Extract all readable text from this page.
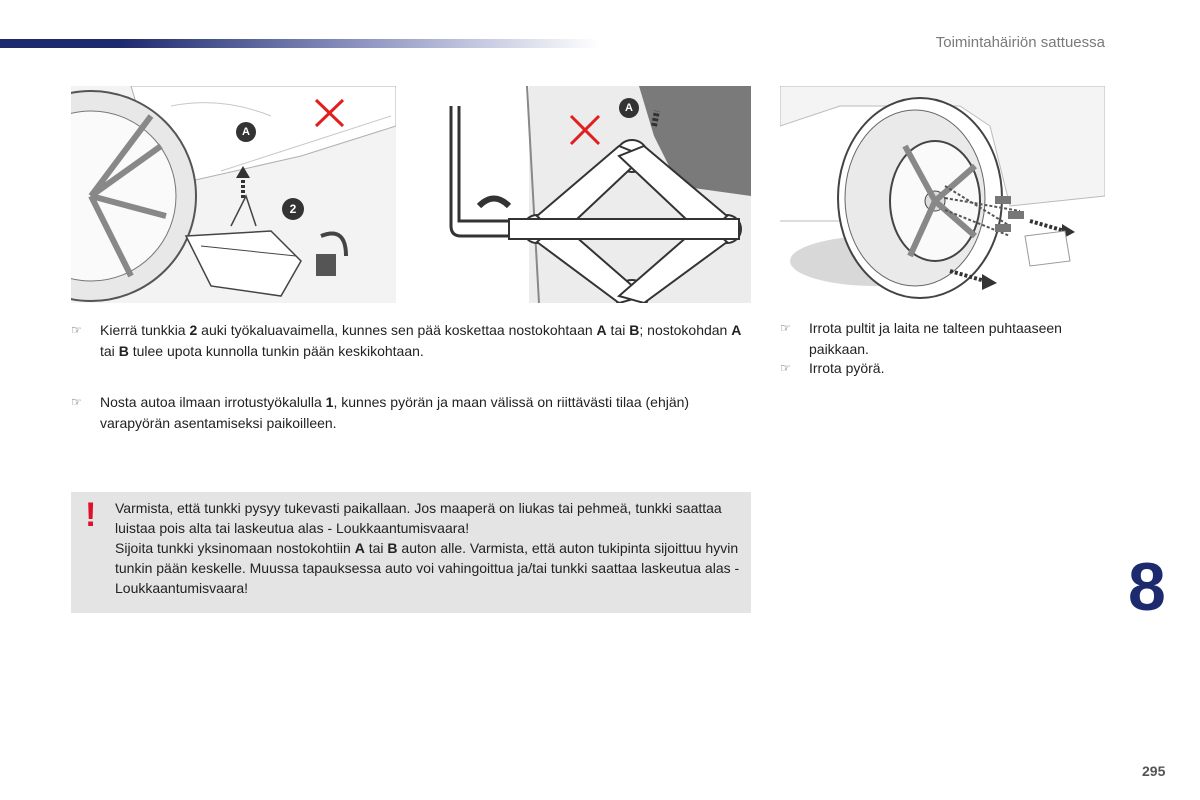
Toimintahäiriön sattuessa
A
2
A
☞	Kierrä tunkkia 2 auki työkaluavaimella, kunnes sen pää koskettaa nostokohtaan A tai B; nostokohdan A tai B tulee upota kunnolla tunkin pään keskikohtaan.
☞	Nosta autoa ilmaan irrotustyökalulla 1, kunnes pyörän ja maan välissä on riittävästi tilaa (ehjän) varapyörän asentamiseksi paikoilleen.
☞	Irrota pultit ja laita ne talteen puhtaaseen paikkaan.
☞	Irrota pyörä.
! Varmista, että tunkki pysyy tukevasti paikallaan. Jos maaperä on liukas tai pehmeä, tunkki saattaa luistaa pois alta tai laskeutua alas - Loukkaantumisvaara!
Sijoita tunkki yksinomaan nostokohtiin A tai B auton alle. Varmista, että auton tukipinta sijoittuu hyvin tunkin pään keskelle. Muussa tapauksessa auto voi vahingoittua ja/tai tunkki saattaa laskeutua alas - Loukkaantumisvaara!	8
295
